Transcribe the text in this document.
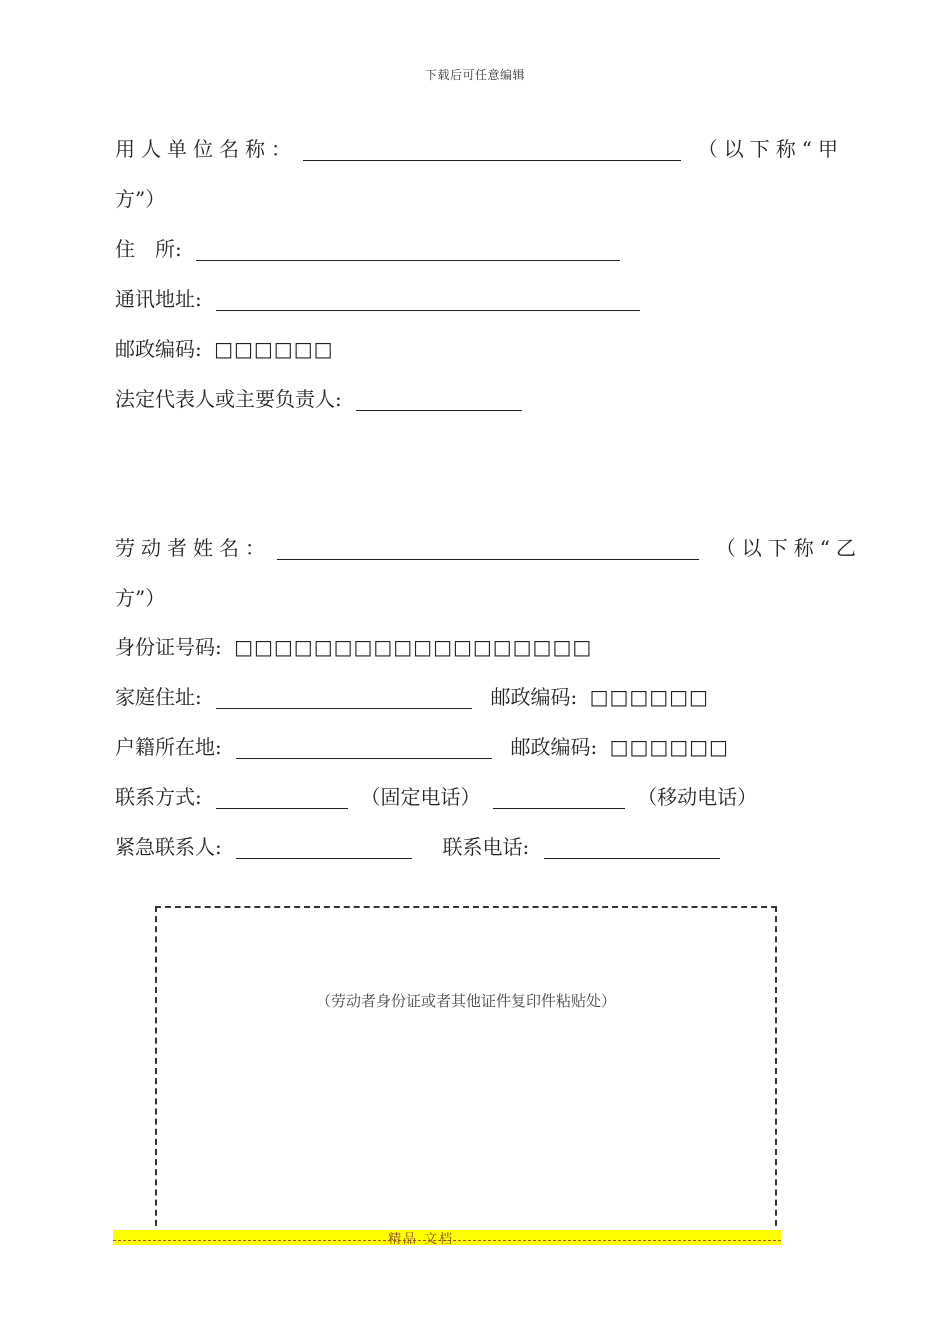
下载后可任意编辑
用人单位名称：	（以下称“甲
方”）
住　所:
通讯地址:
邮政编码: □□□□□□
法定代表人或主要负责人:
劳动者姓名：	（以下称“乙
方”）
身份证号码: □□□□□□□□□□□□□□□□□□
家庭住址:	邮政编码: □□□□□□
户籍所在地:	邮政编码: □□□□□□
联系方式:	（固定电话）	（移动电话）
紧急联系人:	联系电话:
（劳动者身份证或者其他证件复印件粘贴处）
精品 文档
